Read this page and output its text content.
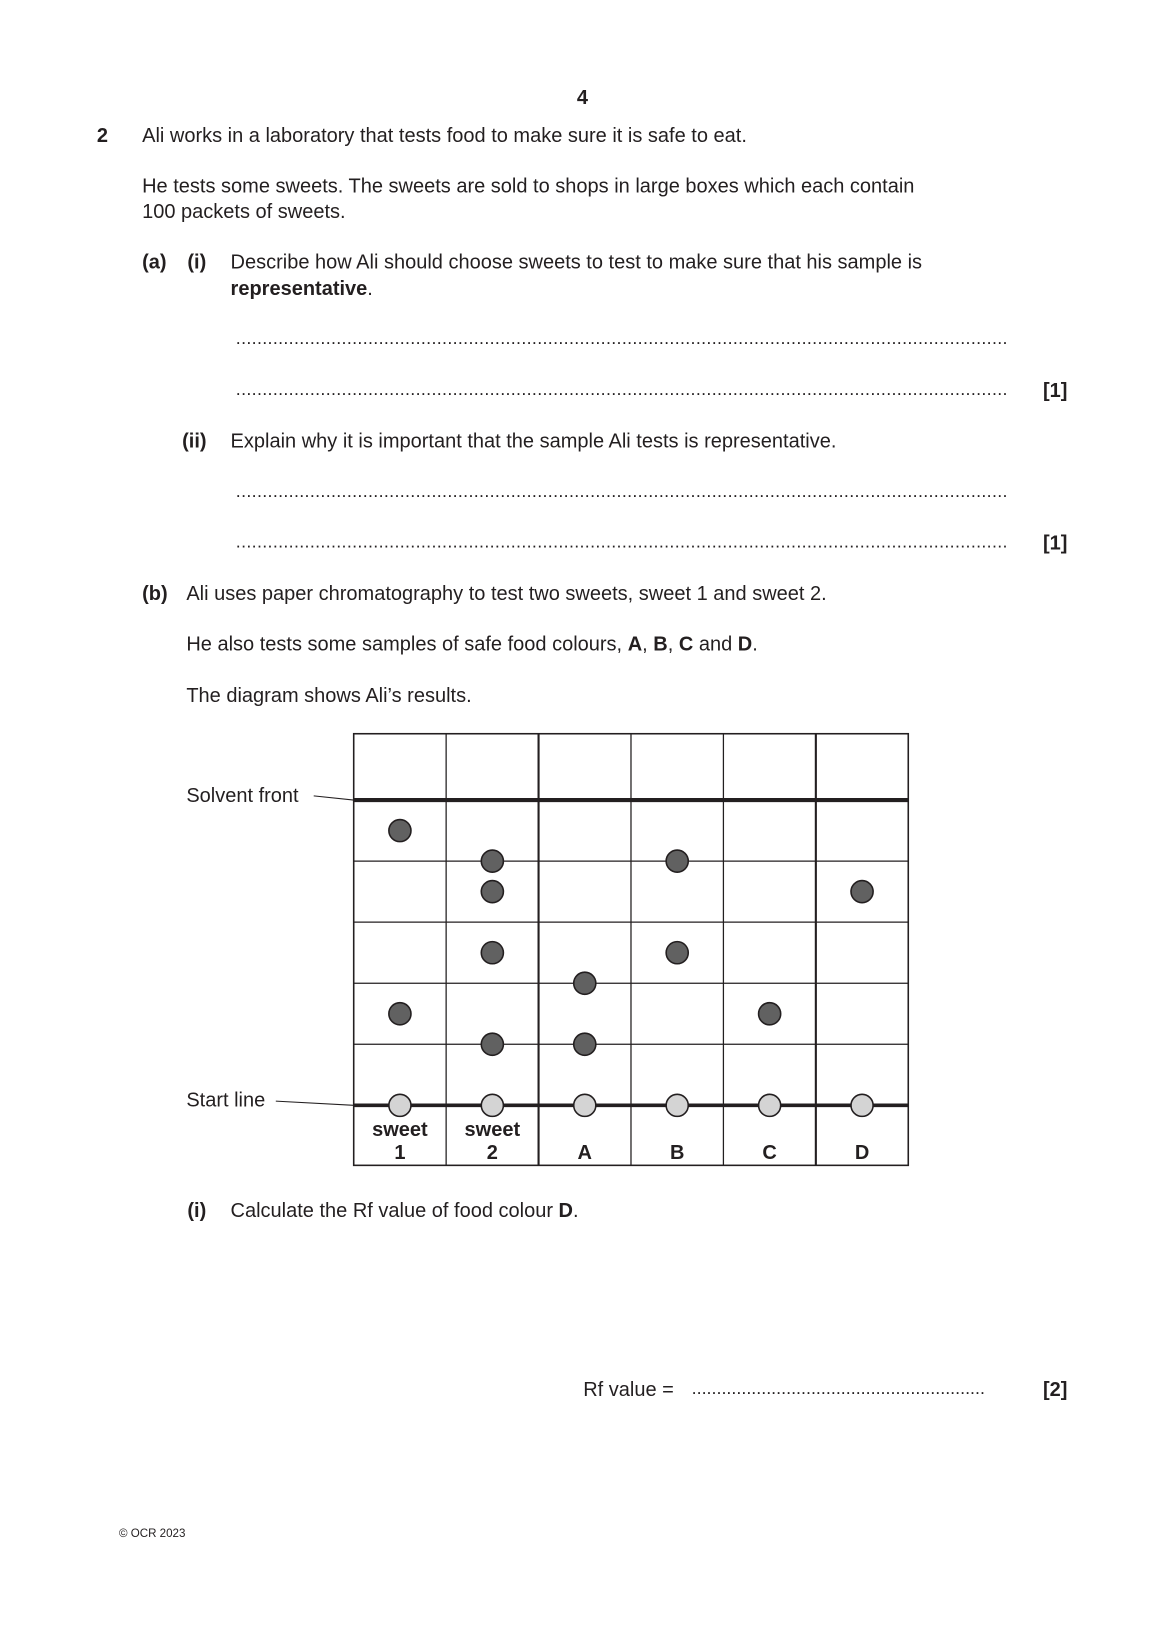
4
2 Ali works in a laboratory that tests food to make sure it is safe to eat.
He tests some sweets. The sweets are sold to shops in large boxes which each contain
100 packets of sweets.
(a) (i) Describe how Ali should choose sweets to test to make sure that his sample is
representative.
..................................................................................................................................................
..................................................................................................................................................	[1]
(ii) Explain why it is important that the sample Ali tests is representative.
..................................................................................................................................................
..................................................................................................................................................	[1]
(b) Ali uses paper chromatography to test two sweets, sweet 1 and sweet 2.
He also tests some samples of safe food colours, A, B, C and D.
The diagram shows Ali’s results.
Solvent front
Start line
sweet
1
sweet
2	A	B	C	D
(i) Calculate the Rf value of food colour D.
Rf value = ...........................................................	[2]
© OCR 2023
